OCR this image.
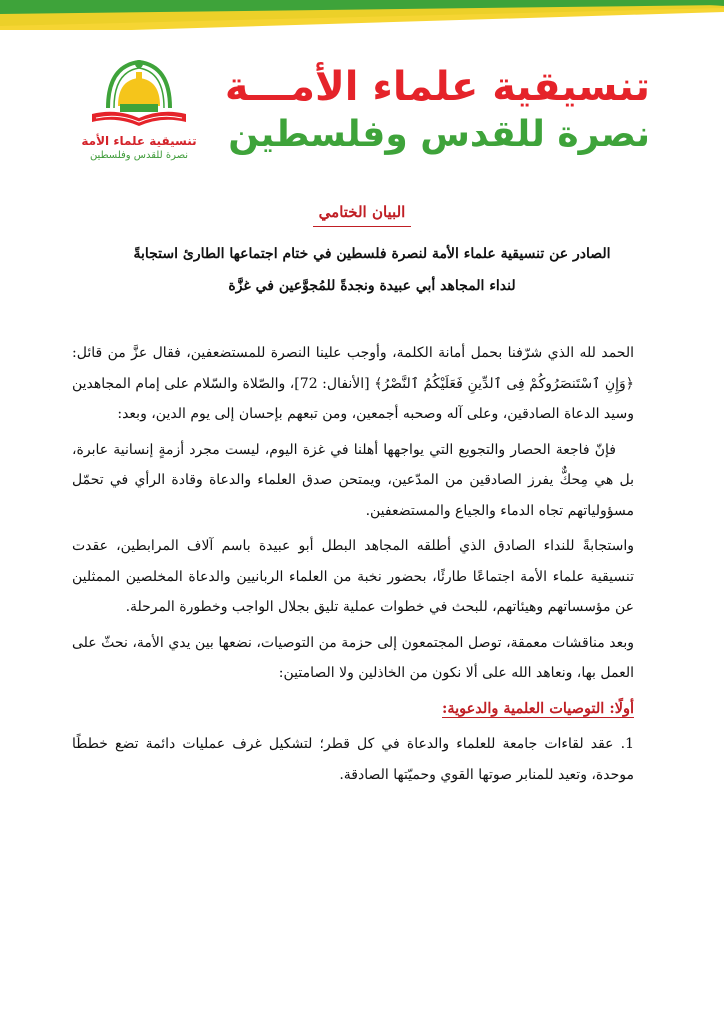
تنسيقية علماء الأمـــة
نصرة للقدس وفلسطين
تنسيقية علماء الأمة
نصرة للقدس وفلسطين
البيان الختامي
الصادر عن تنسيقية علماء الأمة لنصرة فلسطين في ختام اجتماعها الطارئ استجابةً
لنداء المجاهد أبي عبيدة ونجدةً للمُجوَّعين في غزَّة

الحمد لله الذي شرّفنا بحمل أمانة الكلمة، وأوجب علينا النصرة للمستضعفين، فقال عزَّ من قائل: ﴿وَإِنِ ٱسْتَنصَرُوكُمْ فِى ٱلدِّينِ فَعَلَيْكُمُ ٱلنَّصْرُ﴾ [الأنفال: 72]، والصّلاة والسّلام على إمام المجاهدين وسيد الدعاة الصادقين، وعلى آله وصحبه أجمعين، ومن تبعهم بإحسان إلى يوم الدين، وبعد:

فإنّ فاجعة الحصار والتجويع التي يواجهها أهلنا في غزة اليوم، ليست مجرد أزمةٍ إنسانية عابرة، بل هي مِحكٌّ يفرز الصادقين من المدّعين، ويمتحن صدق العلماء والدعاة وقادة الرأي في تحمّل مسؤولياتهم تجاه الدماء والجياع والمستضعفين.

واستجابةً للنداء الصادق الذي أطلقه المجاهد البطل أبو عبيدة باسم آلاف المرابطين، عقدت تنسيقية علماء الأمة اجتماعًا طارئًا، بحضور نخبة من العلماء الربانيين والدعاة المخلصين الممثلين عن مؤسساتهم وهيئاتهم، للبحث في خطوات عملية تليق بجلال الواجب وخطورة المرحلة.

وبعد مناقشات معمقة، توصل المجتمعون إلى حزمة من التوصيات، نضعها بين يدي الأمة، نحثّ على العمل بها، ونعاهد الله على ألا نكون من الخاذلين ولا الصامتين:

أولًا: التوصيات العلمية والدعوية:

1. عقد لقاءات جامعة للعلماء والدعاة في كل قطر؛ لتشكيل غرف عمليات دائمة تضع خططًا موحدة، وتعيد للمنابر صوتها القوي وحميّتها الصادقة.
